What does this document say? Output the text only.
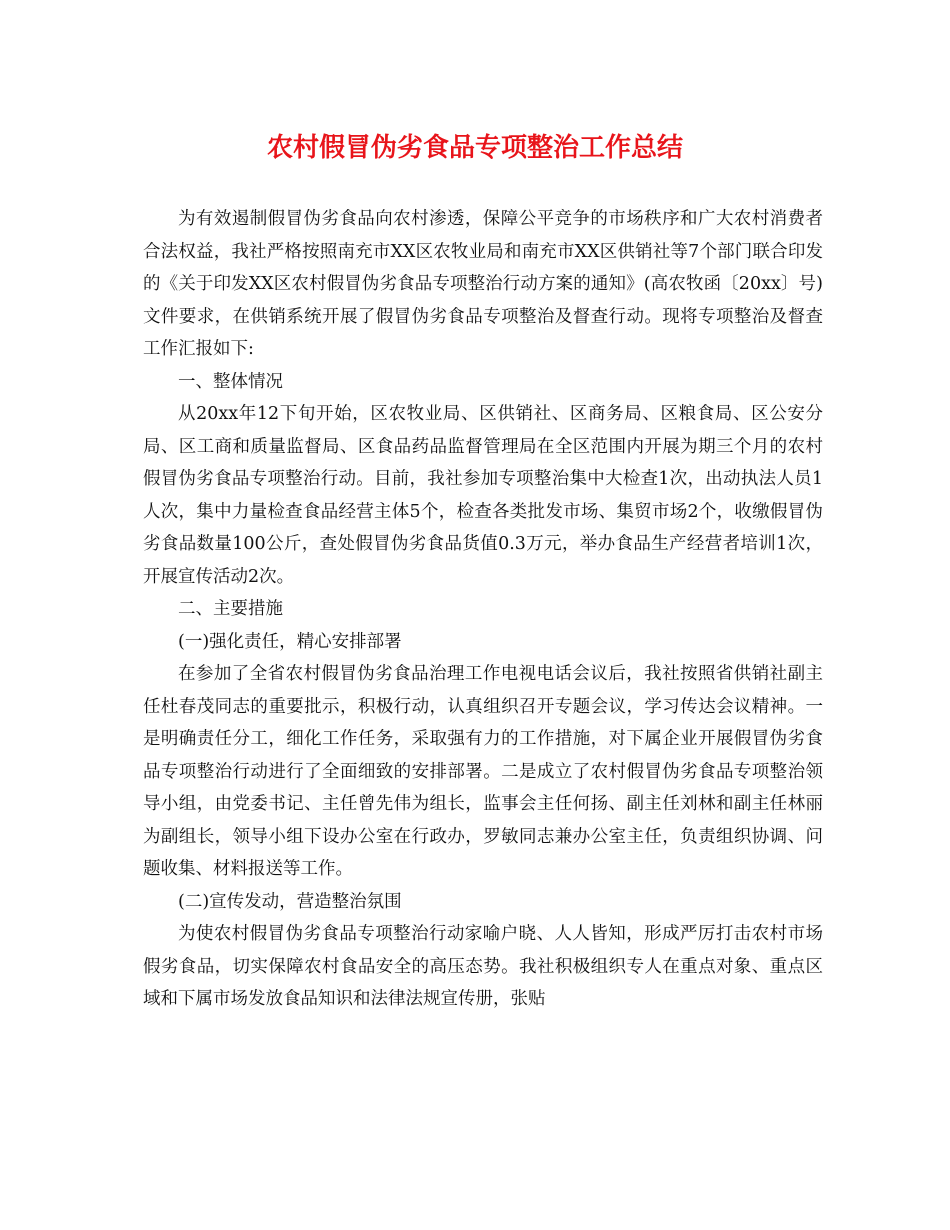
农村假冒伪劣食品专项整治工作总结

为有效遏制假冒伪劣食品向农村渗透，保障公平竞争的市场秩序和广大农村消费者合法权益，我社严格按照南充市XX区农牧业局和南充市XX区供销社等7个部门联合印发的《关于印发XX区农村假冒伪劣食品专项整治行动方案的通知》(高农牧函〔20xx〕号)文件要求，在供销系统开展了假冒伪劣食品专项整治及督查行动。现将专项整治及督查工作汇报如下:

一、整体情况

从20xx年12下旬开始，区农牧业局、区供销社、区商务局、区粮食局、区公安分局、区工商和质量监督局、区食品药品监督管理局在全区范围内开展为期三个月的农村假冒伪劣食品专项整治行动。目前，我社参加专项整治集中大检查1次，出动执法人员1人次，集中力量检查食品经营主体5个，检查各类批发市场、集贸市场2个，收缴假冒伪劣食品数量100公斤，查处假冒伪劣食品货值0.3万元，举办食品生产经营者培训1次，开展宣传活动2次。

二、主要措施

(一)强化责任，精心安排部署

在参加了全省农村假冒伪劣食品治理工作电视电话会议后，我社按照省供销社副主任杜春茂同志的重要批示，积极行动，认真组织召开专题会议，学习传达会议精神。一是明确责任分工，细化工作任务，采取强有力的工作措施，对下属企业开展假冒伪劣食品专项整治行动进行了全面细致的安排部署。二是成立了农村假冒伪劣食品专项整治领导小组，由党委书记、主任曾先伟为组长，监事会主任何扬、副主任刘林和副主任林丽为副组长，领导小组下设办公室在行政办，罗敏同志兼办公室主任，负责组织协调、问题收集、材料报送等工作。

(二)宣传发动，营造整治氛围

为使农村假冒伪劣食品专项整治行动家喻户晓、人人皆知，形成严厉打击农村市场假劣食品，切实保障农村食品安全的高压态势。我社积极组织专人在重点对象、重点区域和下属市场发放食品知识和法律法规宣传册，张贴
